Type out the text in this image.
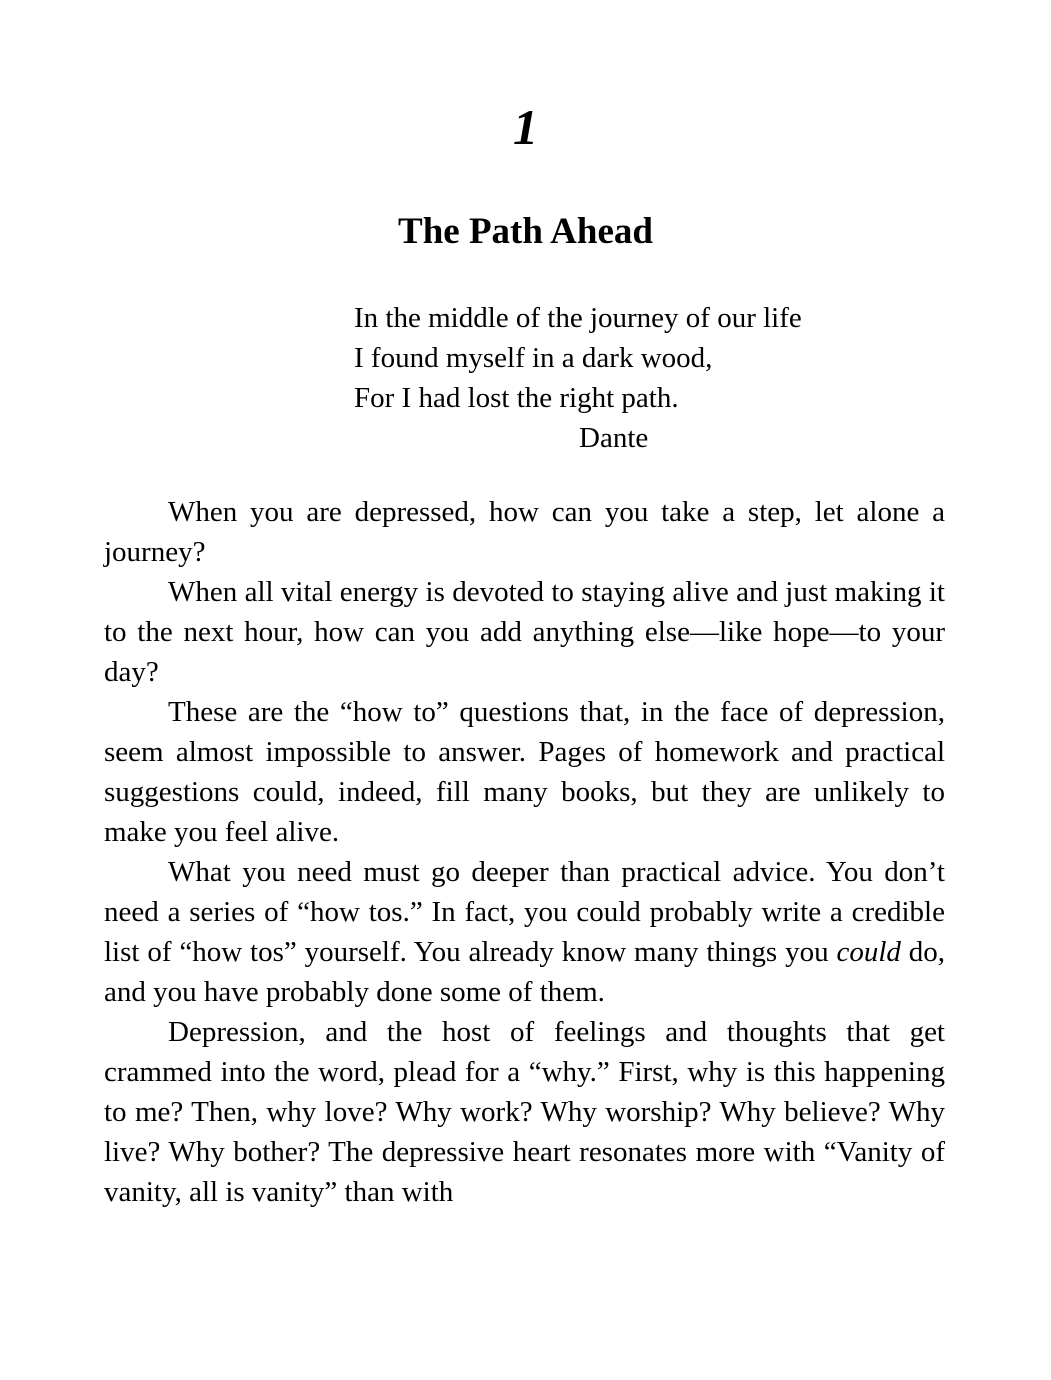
1
The Path Ahead
In the middle of the journey of our life
I found myself in a dark wood,
For I had lost the right path.
Dante

When you are depressed, how can you take a step, let alone a journey?

When all vital energy is devoted to staying alive and just making it to the next hour, how can you add anything else—like hope—to your day?

These are the “how to” questions that, in the face of depression, seem almost impossible to answer. Pages of homework and practical suggestions could, indeed, fill many books, but they are unlikely to make you feel alive.

What you need must go deeper than practical advice. You don’t need a series of “how tos.” In fact, you could probably write a credible list of “how tos” yourself. You already know many things you could do, and you have probably done some of them.

Depression, and the host of feelings and thoughts that get crammed into the word, plead for a “why.” First, why is this happening to me? Then, why love? Why work? Why worship? Why believe? Why live? Why bother? The depressive heart resonates more with “Vanity of vanity, all is vanity” than with
